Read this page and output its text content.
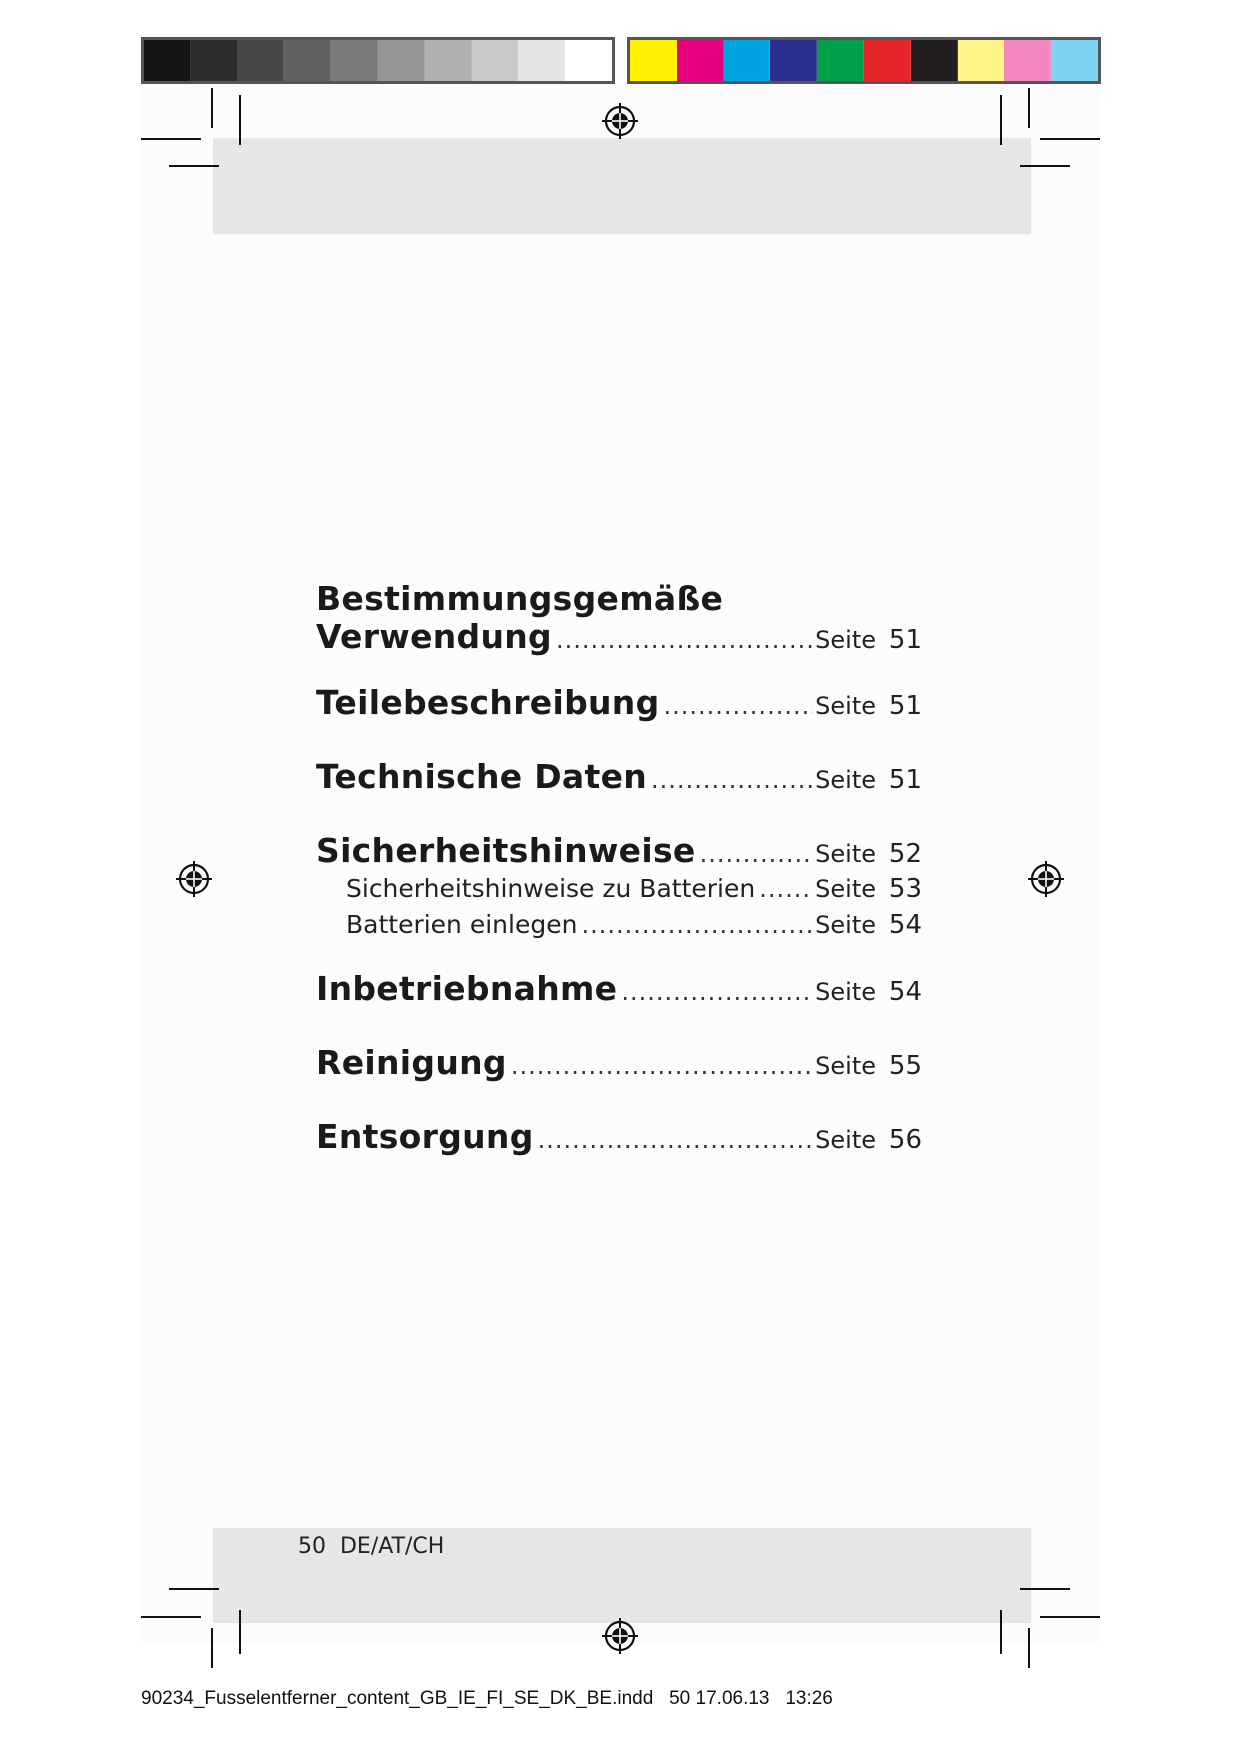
Bestimmungsgemäße
Verwendung .....	Seite 51
Teilebeschreibung .....	Seite 51
Technische Daten .....	Seite 51
Sicherheitshinweise .....	Seite 52
Sicherheitshinweise zu Batterien ..... Seite 53
Batterien einlegen .....	Seite 54
Inbetriebnahme .....	Seite 54
Reinigung .....	Seite 55
Entsorgung .....	Seite 56
50  DE/AT/CH
90234_Fusselentferner_content_GB_IE_FI_SE_DK_BE.indd   50 17.06.13   13:26
